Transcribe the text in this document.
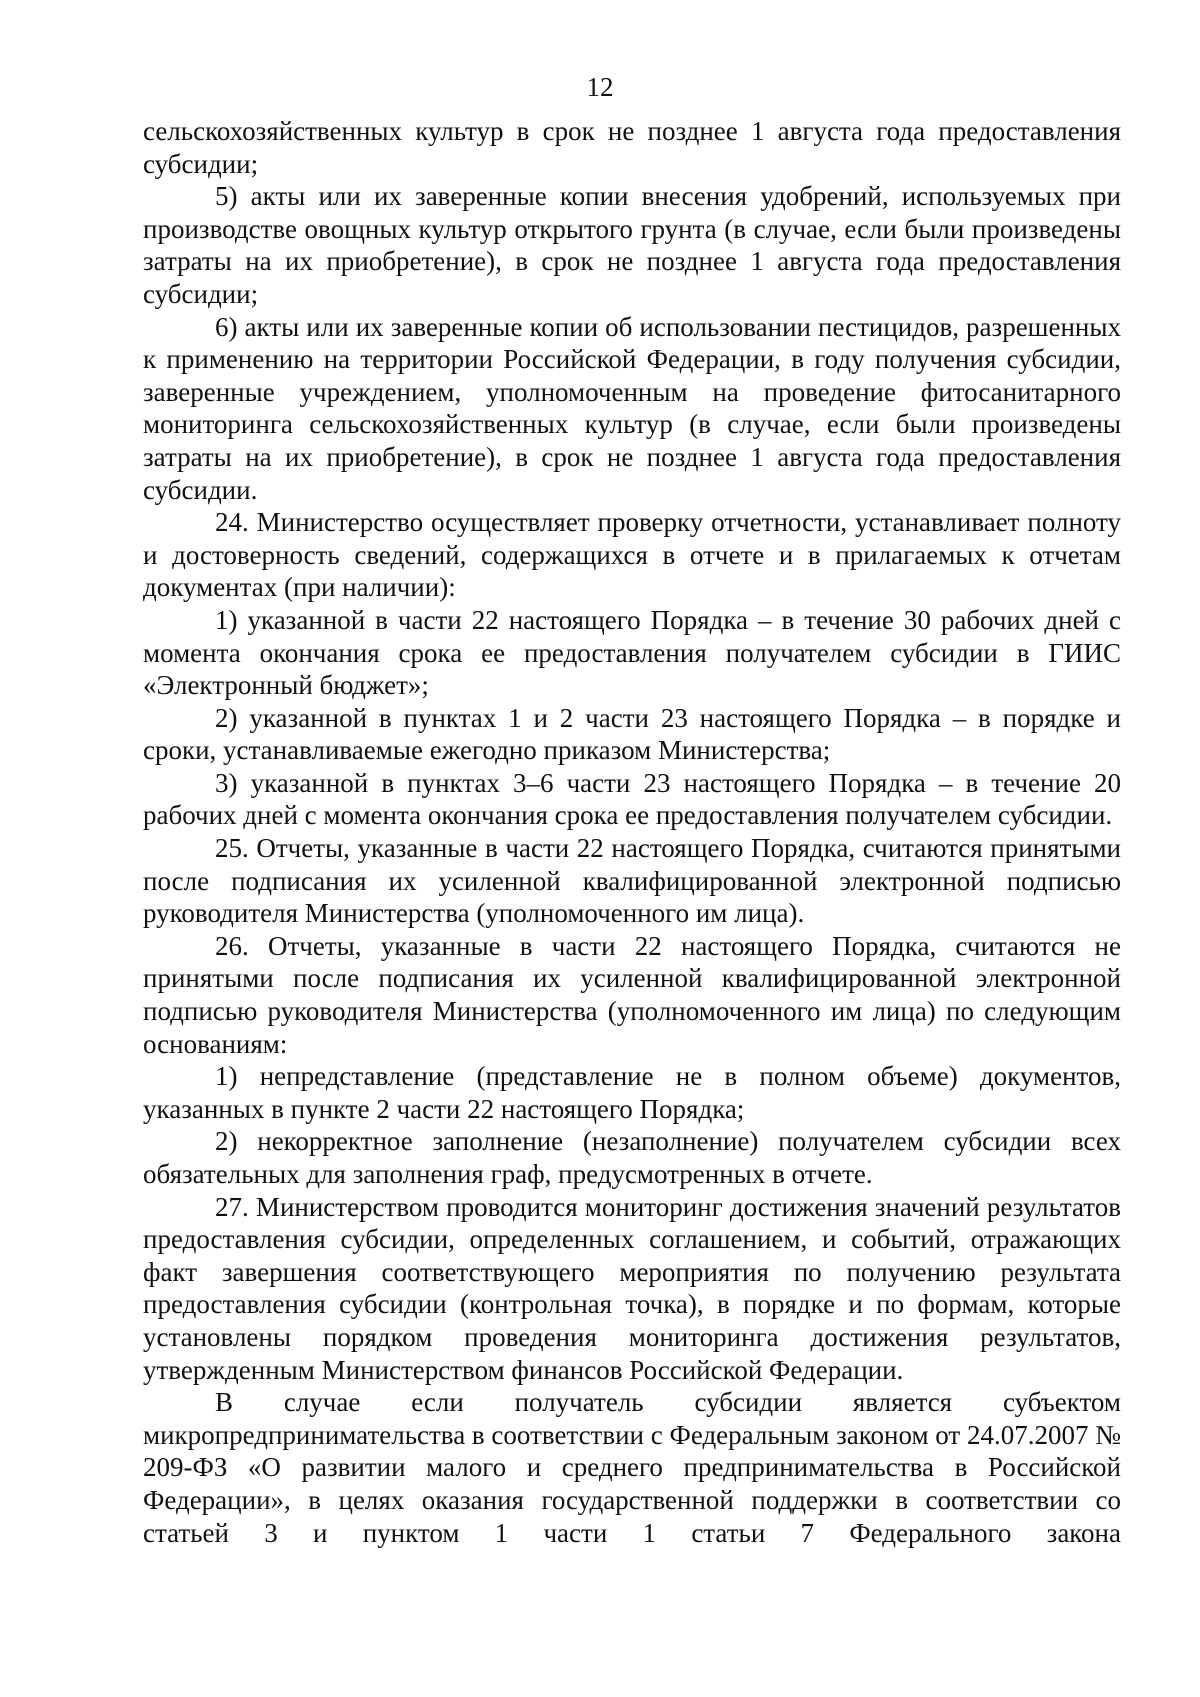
12

сельскохозяйственных культур в срок не позднее 1 августа года предоставления субсидии;

5) акты или их заверенные копии внесения удобрений, используемых при производстве овощных культур открытого грунта (в случае, если были произведены затраты на их приобретение), в срок не позднее 1 августа года предоставления субсидии;

6) акты или их заверенные копии об использовании пестицидов, разрешенных к применению на территории Российской Федерации, в году получения субсидии, заверенные учреждением, уполномоченным на проведение фитосанитарного мониторинга сельскохозяйственных культур (в случае, если были произведены затраты на их приобретение), в срок не позднее 1 августа года предоставления субсидии.

24. Министерство осуществляет проверку отчетности, устанавливает полноту и достоверность сведений, содержащихся в отчете и в прилагаемых к отчетам документах (при наличии):

1) указанной в части 22 настоящего Порядка – в течение 30 рабочих дней с момента окончания срока ее предоставления получателем субсидии в ГИИС «Электронный бюджет»;

2) указанной в пунктах 1 и 2 части 23 настоящего Порядка – в порядке и сроки, устанавливаемые ежегодно приказом Министерства;

3) указанной в пунктах 3–6 части 23 настоящего Порядка – в течение 20 рабочих дней с момента окончания срока ее предоставления получателем субсидии.

25. Отчеты, указанные в части 22 настоящего Порядка, считаются принятыми после подписания их усиленной квалифицированной электронной подписью руководителя Министерства (уполномоченного им лица).

26. Отчеты, указанные в части 22 настоящего Порядка, считаются не принятыми после подписания их усиленной квалифицированной электронной подписью руководителя Министерства (уполномоченного им лица) по следующим основаниям:

1) непредставление (представление не в полном объеме) документов, указанных в пункте 2 части 22 настоящего Порядка;

2) некорректное заполнение (незаполнение) получателем субсидии всех обязательных для заполнения граф, предусмотренных в отчете.

27. Министерством проводится мониторинг достижения значений результатов предоставления субсидии, определенных соглашением, и событий, отражающих факт завершения соответствующего мероприятия по получению результата предоставления субсидии (контрольная точка), в порядке и по формам, которые установлены порядком проведения мониторинга достижения результатов, утвержденным Министерством финансов Российской Федерации.

В случае если получатель субсидии является субъектом микропредпринимательства в соответствии с Федеральным законом от 24.07.2007 № 209-ФЗ «О развитии малого и среднего предпринимательства в Российской Федерации», в целях оказания государственной поддержки в соответствии со статьей 3 и пунктом 1 части 1 статьи 7 Федерального закона
